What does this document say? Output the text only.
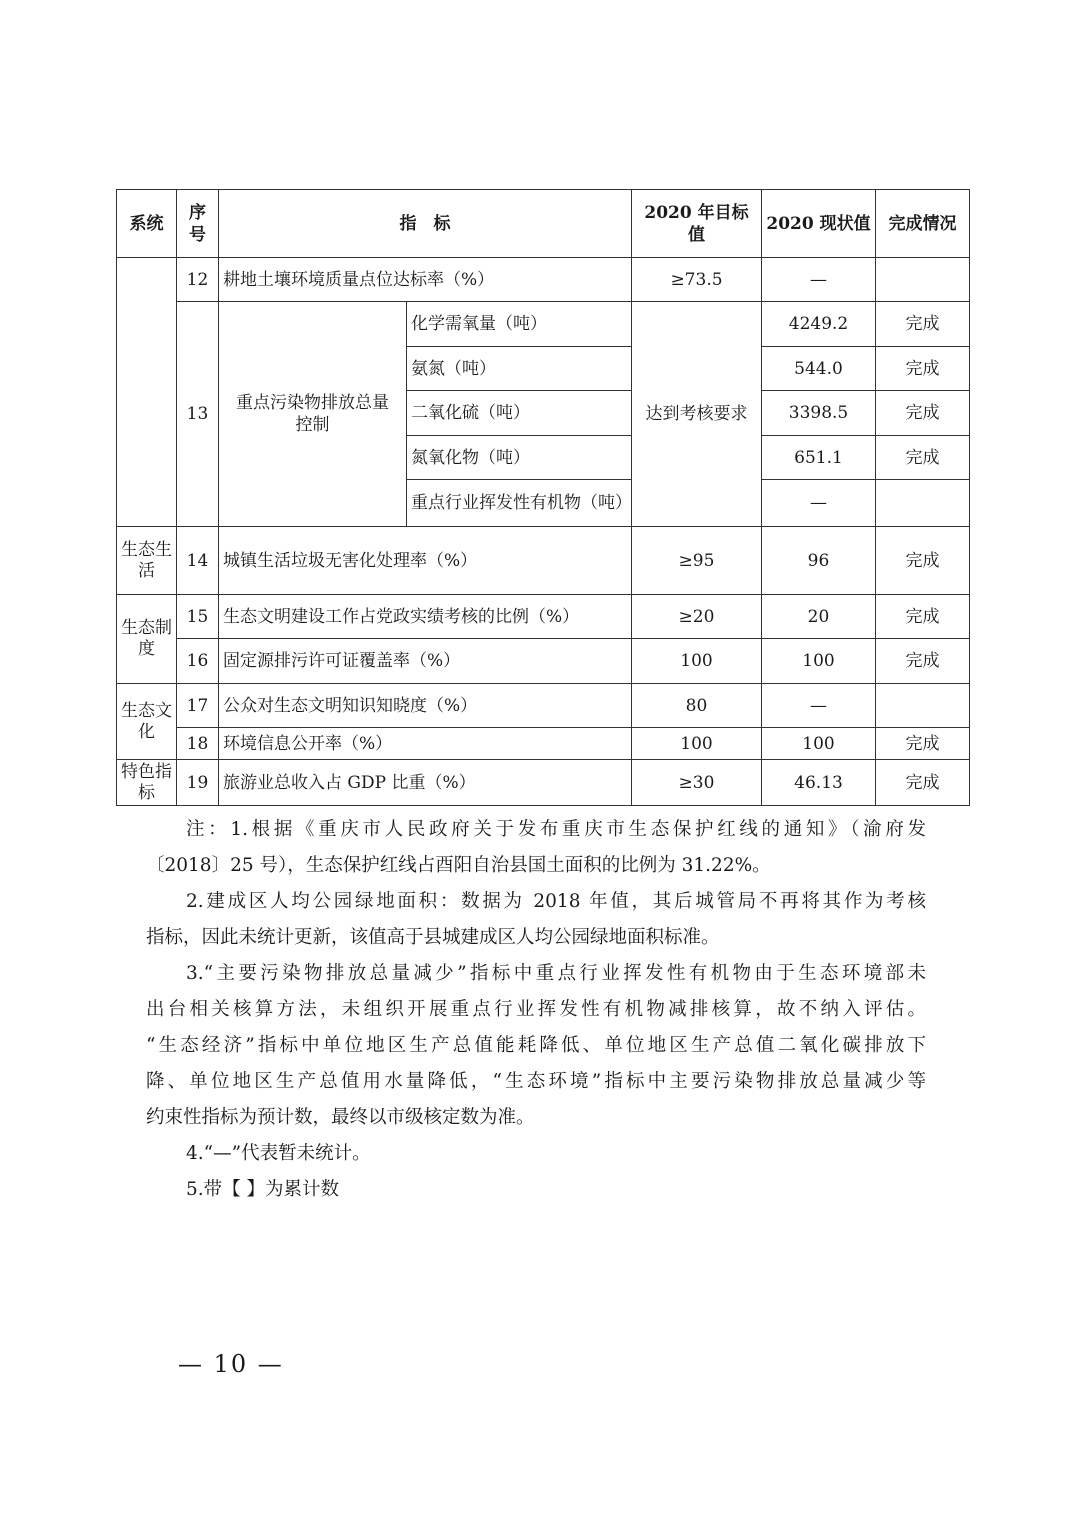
系统	序号	指　标		2020 年目标值	2020 现状值	完成情况
	12	耕地土壤环境质量点位达标率（%）		≥73.5	—	
	13	重点污染物排放总量控制	化学需氧量（吨）	达到考核要求	4249.2	完成
			氨氮（吨）		544.0	完成
			二氧化硫（吨）		3398.5	完成
			氮氧化物（吨）		651.1	完成
			重点行业挥发性有机物（吨）		—	
生态生活	14	城镇生活垃圾无害化处理率（%）		≥95	96	完成
生态制度	15	生态文明建设工作占党政实绩考核的比例（%）		≥20	20	完成
	16	固定源排污许可证覆盖率（%）		100	100	完成
生态文化	17	公众对生态文明知识知晓度（%）		80	—	
	18	环境信息公开率（%）		100	100	完成
特色指标	19	旅游业总收入占 GDP 比重（%）		≥30	46.13	完成

注：1.根据《重庆市人民政府关于发布重庆市生态保护红线的通知》（渝府发

〔2018〕25 号），生态保护红线占酉阳自治县国土面积的比例为 31.22%。

2.建成区人均公园绿地面积：数据为 2018 年值，其后城管局不再将其作为考核

指标，因此未统计更新，该值高于县城建成区人均公园绿地面积标准。

3.“主要污染物排放总量减少”指标中重点行业挥发性有机物由于生态环境部未

出台相关核算方法，未组织开展重点行业挥发性有机物减排核算，故不纳入评估。

“生态经济”指标中单位地区生产总值能耗降低、单位地区生产总值二氧化碳排放下

降、单位地区生产总值用水量降低，“生态环境”指标中主要污染物排放总量减少等

约束性指标为预计数，最终以市级核定数为准。

4.“—”代表暂未统计。

5.带【 】为累计数

— 10 —
